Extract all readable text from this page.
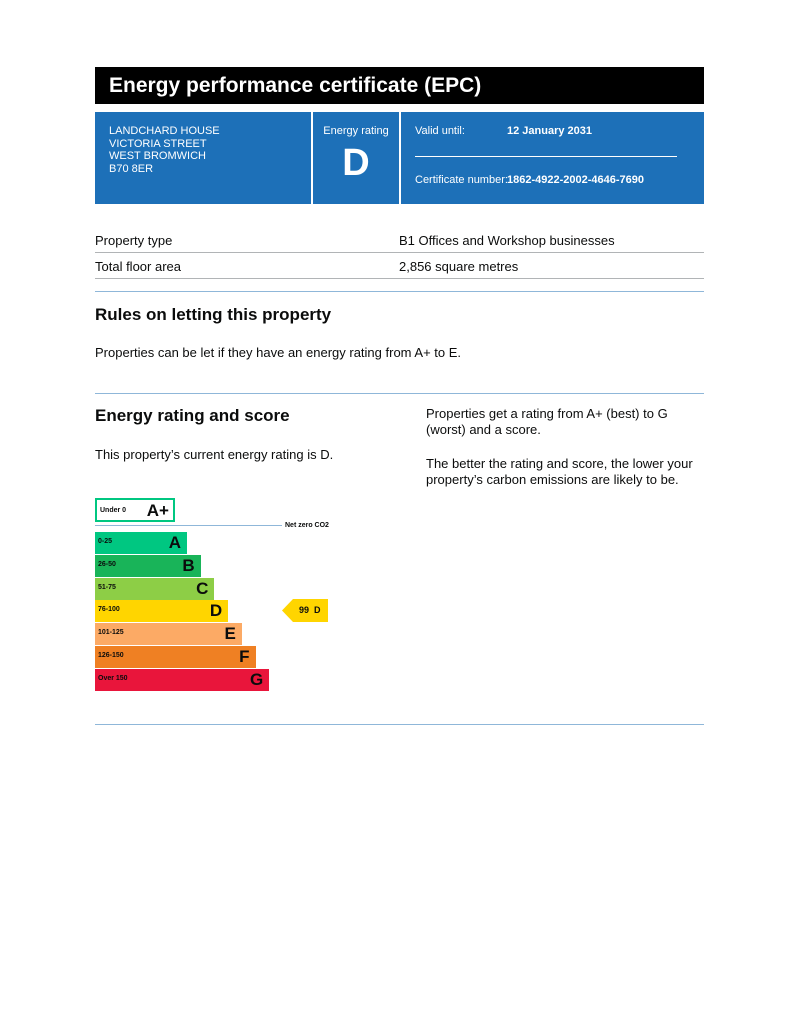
Energy performance certificate (EPC)
LANDCHARD HOUSE
VICTORIA STREET
WEST BROMWICH
B70 8ER
Energy rating
D
Valid until:	12 January 2031
Certificate number: 1862-4922-2002-4646-7690
Property type	B1 Offices and Workshop businesses
Total floor area	2,856 square metres
Rules on letting this property
Properties can be let if they have an energy rating from A+ to E.
Energy rating and score
This property’s current energy rating is D.
Properties get a rating from A+ (best) to G (worst) and a score.
The better the rating and score, the lower your property’s carbon emissions are likely to be.
Under 0 A+
Net zero CO2
0-25	A
26-50	B
51-75	C
76-100	D
101-125	E
126-150	F
Over 150	G
99 D
